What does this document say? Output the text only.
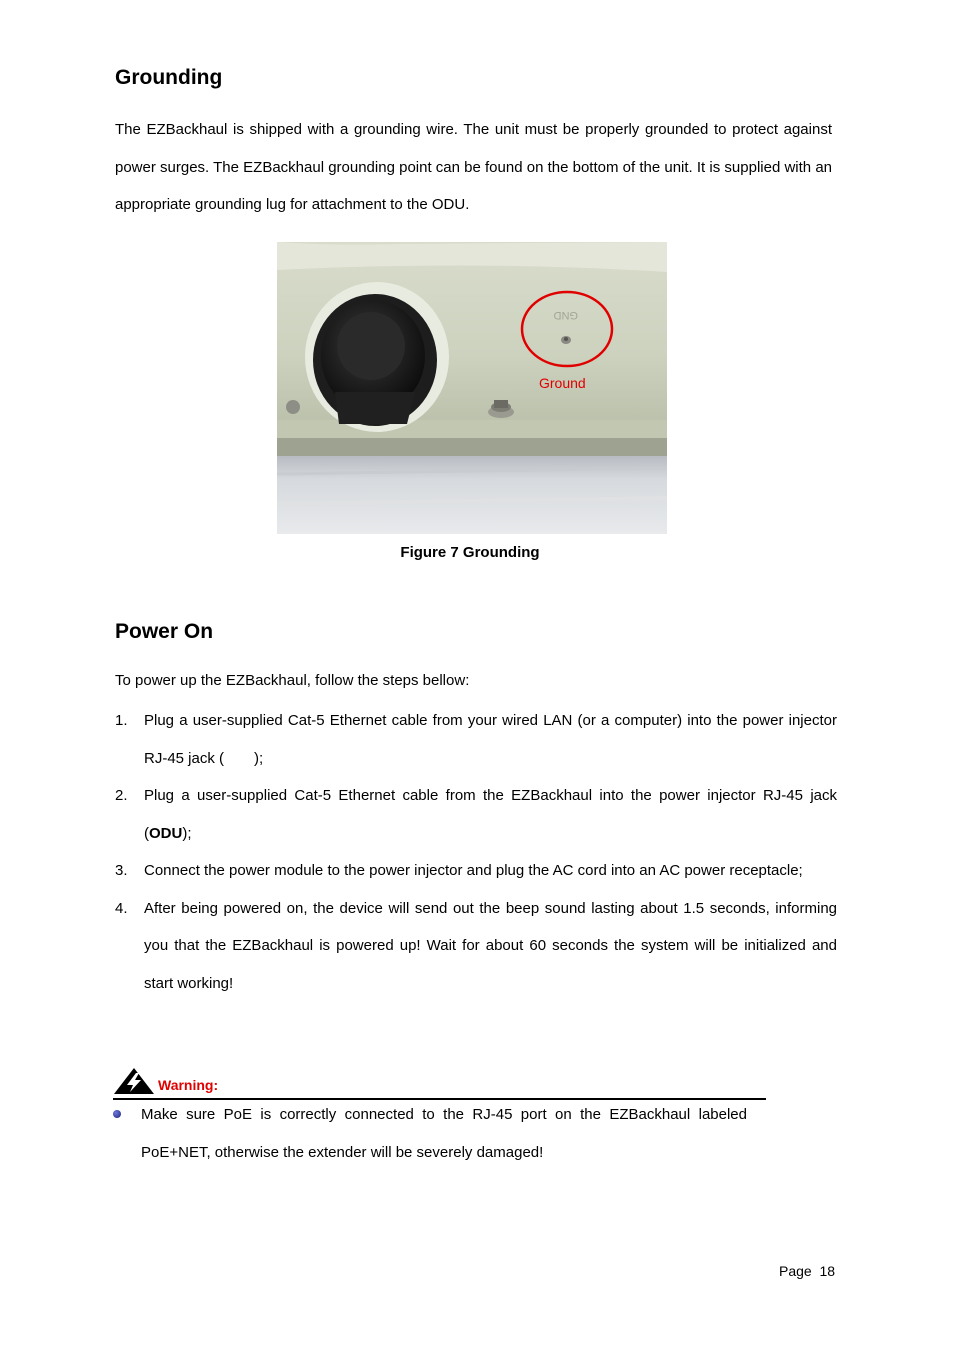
Grounding

The EZBackhaul is shipped with a grounding wire. The unit must be properly grounded to protect against power surges. The EZBackhaul grounding point can be found on the bottom of the unit. It is supplied with an appropriate grounding lug for attachment to the ODU.

GND
Ground
Figure 7 Grounding
Power On

To power up the EZBackhaul, follow the steps bellow:

1. Plug a user-supplied Cat-5 Ethernet cable from your wired LAN (or a computer) into the power injector RJ-45 jack ( );
2. Plug a user-supplied Cat-5 Ethernet cable from the EZBackhaul into the power injector RJ-45 jack (ODU);
3. Connect the power module to the power injector and plug the AC cord into an AC power receptacle;
4. After being powered on, the device will send out the beep sound lasting about 1.5 seconds, informing you that the EZBackhaul is powered up! Wait for about 60 seconds the system will be initialized and start working!
Warning:

Make sure PoE is correctly connected to the RJ-45 port on the EZBackhaul labeled PoE+NET, otherwise the extender will be severely damaged!

Page 18
